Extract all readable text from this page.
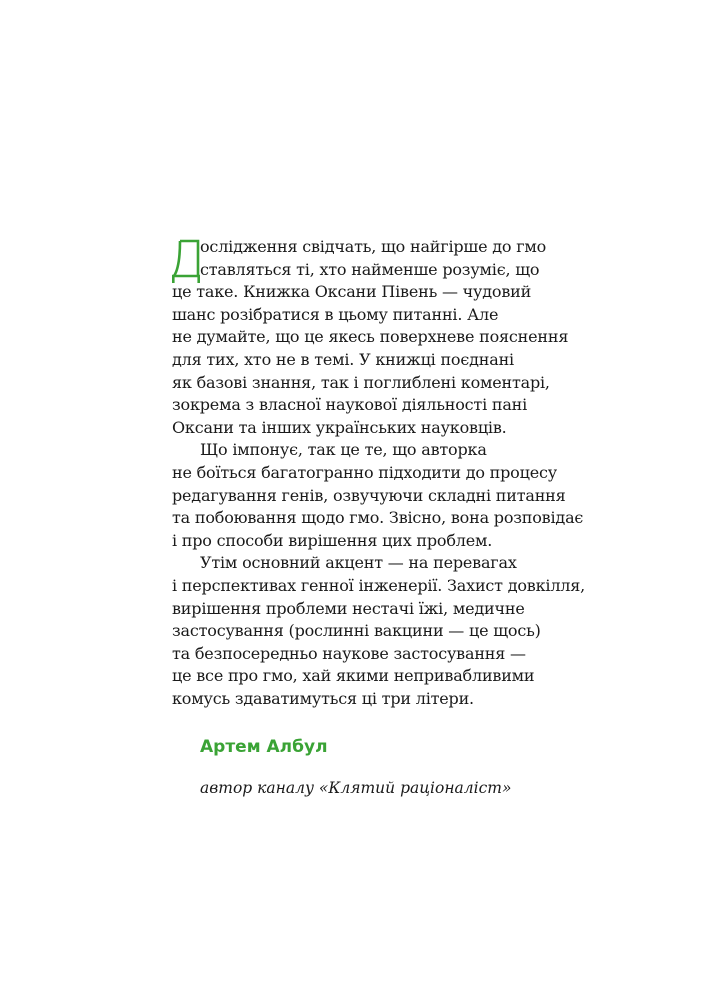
ослідження свідчать, що найгірше до гмо
ставляться ті, хто найменше розуміє, що
це таке. Книжка Оксани Півень — чудовий
шанс розібратися в цьому питанні. Але
не думайте, що це якесь поверхневе пояснення
для тих, хто не в темі. У книжці поєднані
як базові знання, так і поглиблені коментарі,
зокрема з власної наукової діяльності пані
Оксани та інших українських науковців.
Що імпонує, так це те, що авторка
не боїться багатогранно підходити до процесу
редагування генів, озвучуючи складні питання
та побоювання щодо гмо. Звісно, вона розповідає
і про способи вирішення цих проблем.
Утім основний акцент — на перевагах
і перспективах генної інженерії. Захист довкілля,
вирішення проблеми нестачі їжі, медичне
застосування (рослинні вакцини — це щось)
та безпосередньо наукове застосування —
це все про гмо, хай якими непривабливими
комусь здаватимуться ці три літери.
Артем Албул
автор каналу «Клятий раціоналіст»
